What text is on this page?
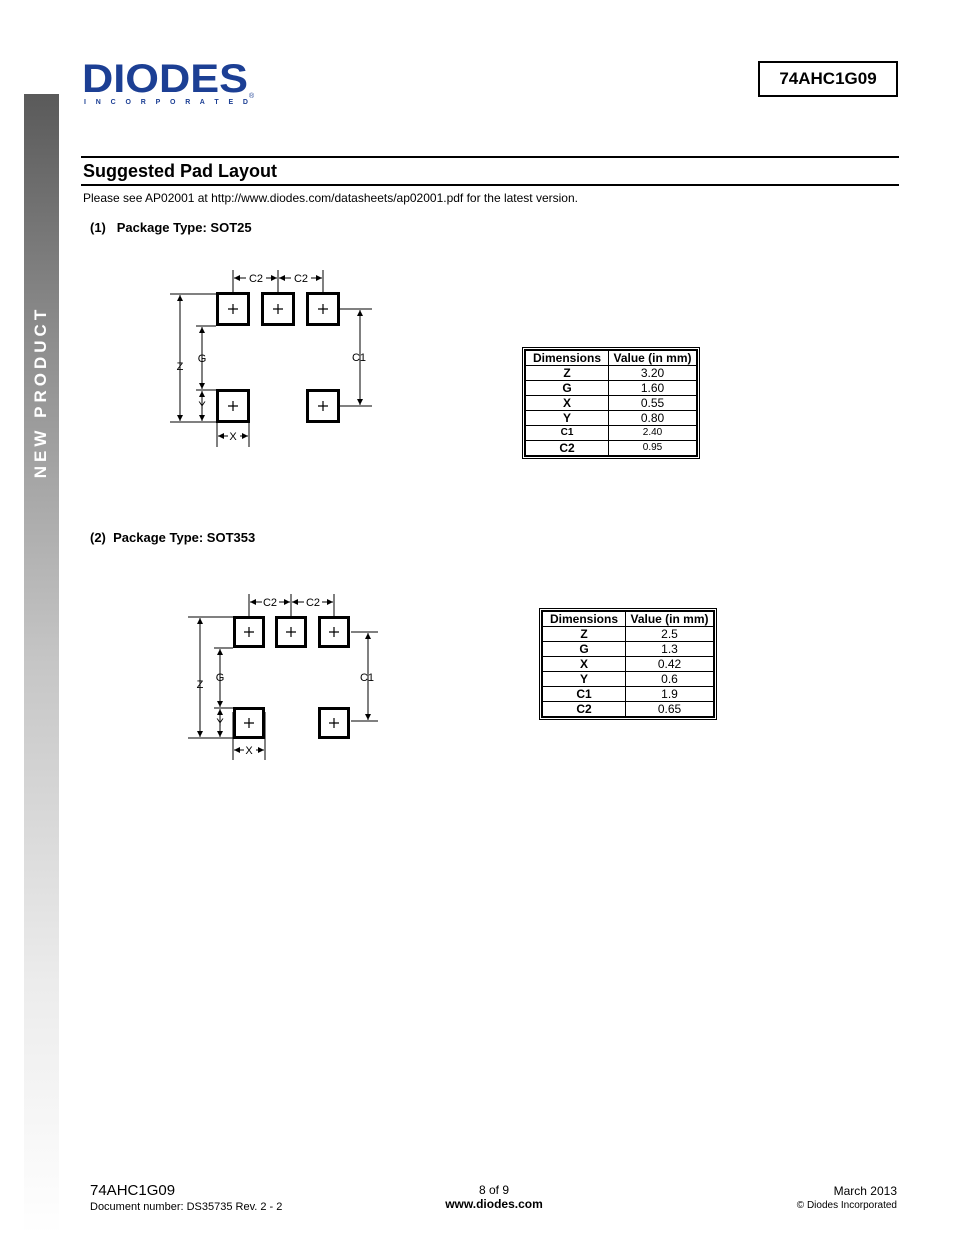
NEW PRODUCT
DIODES
I N C O R P O R A T E D
®
74AHC1G09
Suggested Pad Layout
Please see AP02001 at http://www.diodes.com/datasheets/ap02001.pdf for the latest version.
(1)   Package Type: SOT25
C2	C2
C1
Z
G
Y
X
Dimensions	Value (in mm)
Z	3.20
G	1.60
X	0.55
Y	0.80
C1	2.40
C2	0.95
(2)  Package Type: SOT353
C2	C2
C1
Z
G
Y
X
Dimensions	Value (in mm)
Z	2.5
G	1.3
X	0.42
Y	0.6
C1	1.9
C2	0.65
74AHC1G09
Document number: DS35735 Rev. 2 - 2
8 of 9
www.diodes.com
March 2013
© Diodes Incorporated
